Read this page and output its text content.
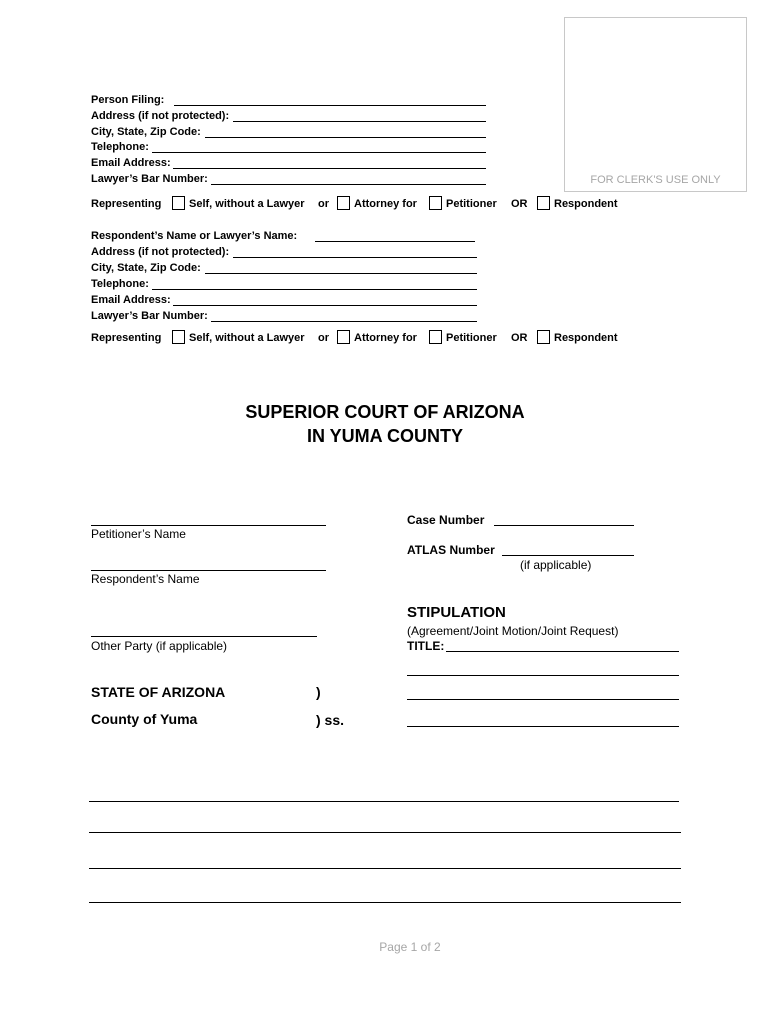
FOR CLERK'S USE ONLY
Person Filing:
Address (if not protected):
City, State, Zip Code:
Telephone:
Email Address:
Lawyer’s Bar Number:
Representing	Self, without a Lawyer or Attorney for	Petitioner OR Respondent
Respondent’s Name or Lawyer’s Name:
Address (if not protected):
City, State, Zip Code:
Telephone:
Email Address:
Lawyer’s Bar Number:
Representing	Self, without a Lawyer or Attorney for	Petitioner OR Respondent
SUPERIOR COURT OF ARIZONA
IN YUMA COUNTY
Petitioner’s Name
Respondent’s Name
Other Party (if applicable)
Case Number
ATLAS Number
(if applicable)
STIPULATION
(Agreement/Joint Motion/Joint Request)
TITLE:
STATE OF ARIZONA	)
County of Yuma	) ss.
Page 1 of 2
